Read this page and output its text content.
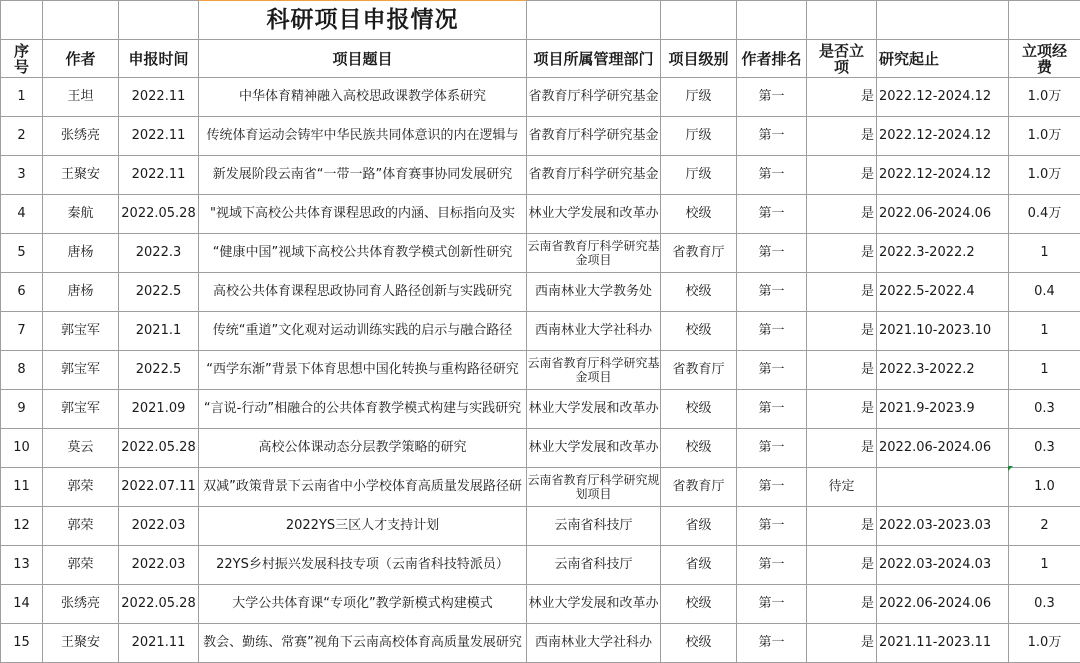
			科研项目申报情况						
序号	作者	申报时间	项目题目	项目所属管理部门	项目级别	作者排名	是否立项	研究起止	立项经费
1	王坦	2022.11	中华体育精神融入高校思政课教学体系研究	省教育厅科学研究基金	厅级	第一	是	2022.12-2024.12	1.0万
2	张绣亮	2022.11	传统体育运动会铸牢中华民族共同体意识的内在逻辑与	省教育厅科学研究基金	厅级	第一	是	2022.12-2024.12	1.0万
3	王聚安	2022.11	新发展阶段云南省“一带一路”体育赛事协同发展研究	省教育厅科学研究基金	厅级	第一	是	2022.12-2024.12	1.0万
4	秦航	2022.05.28	"视域下高校公共体育课程思政的内涵、目标指向及实	林业大学发展和改革办	校级	第一	是	2022.06-2024.06	0.4万
5	唐杨	2022.3	“健康中国”视域下高校公共体育教学模式创新性研究	云南省教育厅科学研究基金项目	省教育厅	第一	是	2022.3-2022.2	1
6	唐杨	2022.5	高校公共体育课程思政协同育人路径创新与实践研究	西南林业大学教务处	校级	第一	是	2022.5-2022.4	0.4
7	郭宝军	2021.1	传统“重道”文化观对运动训练实践的启示与融合路径	西南林业大学社科办	校级	第一	是	2021.10-2023.10	1
8	郭宝军	2022.5	“西学东渐”背景下体育思想中国化转换与重构路径研究	云南省教育厅科学研究基金项目	省教育厅	第一	是	2022.3-2022.2	1
9	郭宝军	2021.09	“言说-行动”相融合的公共体育教学模式构建与实践研究	林业大学发展和改革办	校级	第一	是	2021.9-2023.9	0.3
10	莫云	2022.05.28	高校公体课动态分层教学策略的研究	林业大学发展和改革办	校级	第一	是	2022.06-2024.06	0.3
11	郭荣	2022.07.11	双减”政策背景下云南省中小学校体育高质量发展路径研	云南省教育厅科学研究规划项目	省教育厅	第一	待定		1.0
12	郭荣	2022.03	2022YS三区人才支持计划	云南省科技厅	省级	第一	是	2022.03-2023.03	2
13	郭荣	2022.03	22YS乡村振兴发展科技专项（云南省科技特派员）	云南省科技厅	省级	第一	是	2022.03-2024.03	1
14	张绣亮	2022.05.28	大学公共体育课“专项化”教学新模式构建模式	林业大学发展和改革办	校级	第一	是	2022.06-2024.06	0.3
15	王聚安	2021.11	教会、勤练、常赛”视角下云南高校体育高质量发展研究	西南林业大学社科办	校级	第一	是	2021.11-2023.11	1.0万
